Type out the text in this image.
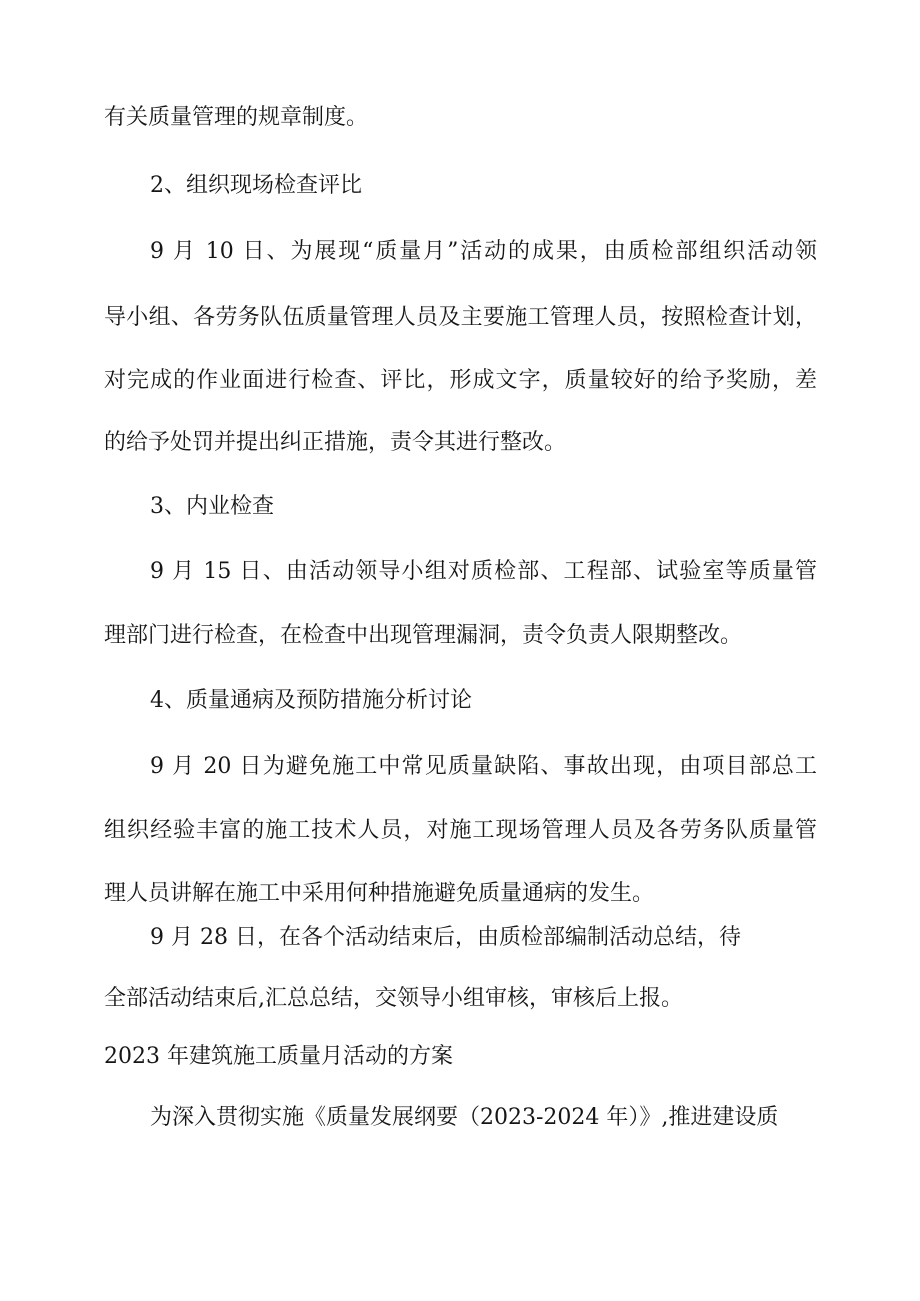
有关质量管理的规章制度。
2、组织现场检查评比
9 月 10 日、为展现“质量月”活动的成果，由质检部组织活动领
导小组、各劳务队伍质量管理人员及主要施工管理人员，按照检查计划，
对完成的作业面进行检查、评比，形成文字，质量较好的给予奖励，差
的给予处罚并提出纠正措施，责令其进行整改。
3、内业检查
9 月 15 日、由活动领导小组对质检部、工程部、试验室等质量管
理部门进行检查，在检查中出现管理漏洞，责令负责人限期整改。
4、质量通病及预防措施分析讨论
9 月 20 日为避免施工中常见质量缺陷、事故出现，由项目部总工
组织经验丰富的施工技术人员，对施工现场管理人员及各劳务队质量管
理人员讲解在施工中采用何种措施避免质量通病的发生。
9 月 28 日，在各个活动结束后，由质检部编制活动总结，待
全部活动结束后,汇总总结，交领导小组审核，审核后上报。
2023 年建筑施工质量月活动的方案
为深入贯彻实施《质量发展纲要（2023-2024 年）》,推进建设质
